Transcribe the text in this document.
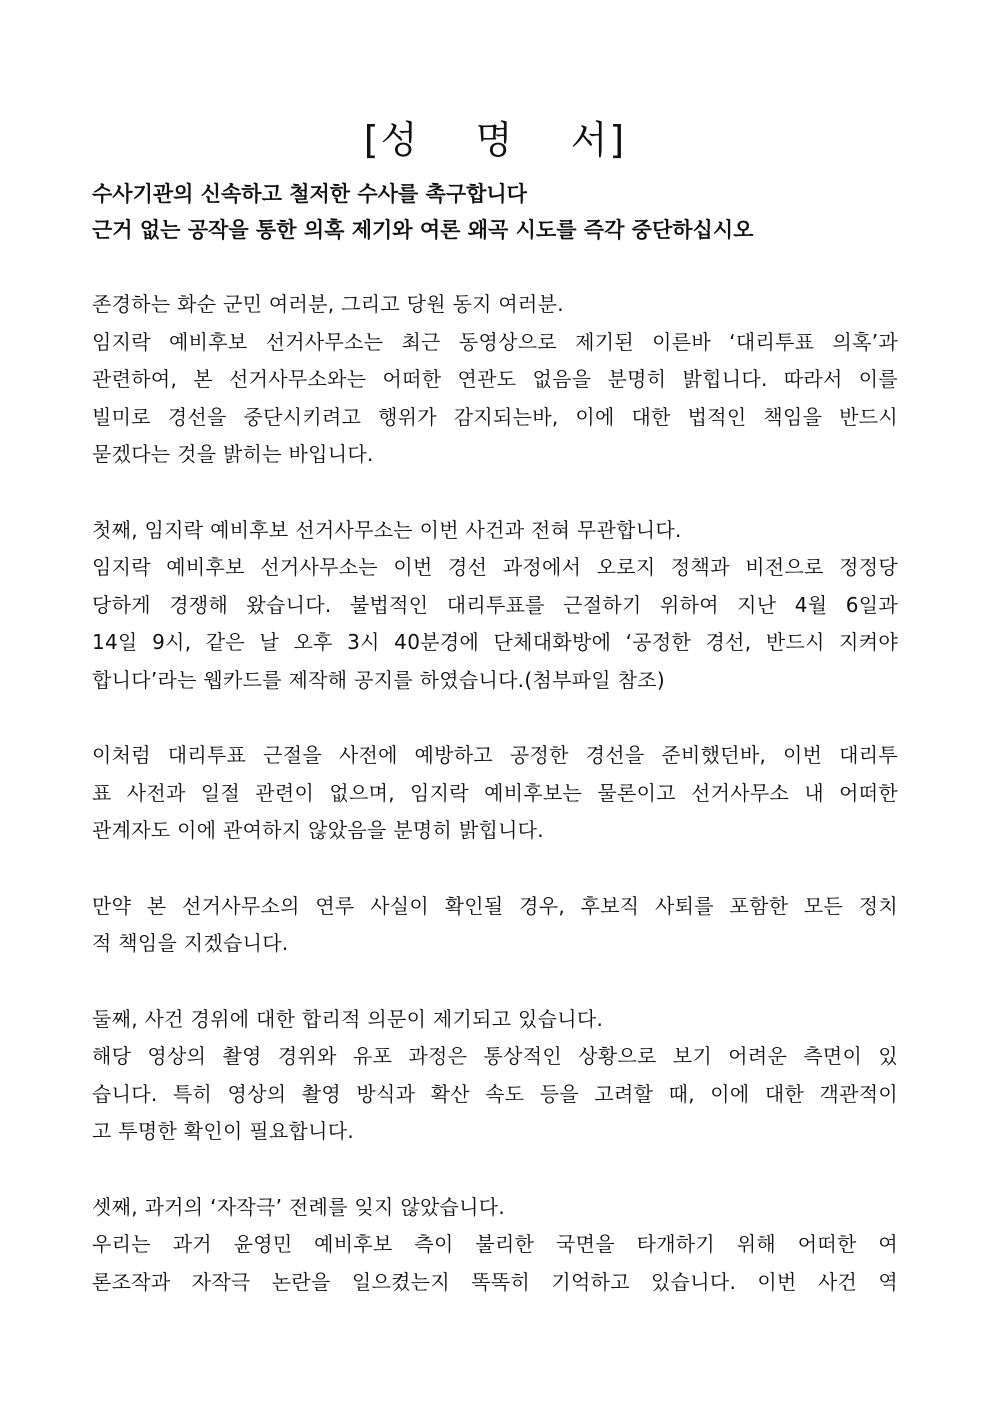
[성    명    서]

수사기관의 신속하고 철저한 수사를 촉구합니다

근거 없는 공작을 통한 의혹 제기와 여론 왜곡 시도를 즉각 중단하십시오

존경하는 화순 군민 여러분, 그리고 당원 동지 여러분.
임지락 예비후보 선거사무소는 최근 동영상으로 제기된 이른바 ‘대리투표 의혹’과
관련하여, 본 선거사무소와는 어떠한 연관도 없음을 분명히 밝힙니다. 따라서 이를
빌미로 경선을 중단시키려고 행위가 감지되는바, 이에 대한 법적인 책임을 반드시
묻겠다는 것을 밝히는 바입니다.
첫째, 임지락 예비후보 선거사무소는 이번 사건과 전혀 무관합니다.
임지락 예비후보 선거사무소는 이번 경선 과정에서 오로지 정책과 비전으로 정정당
당하게 경쟁해 왔습니다. 불법적인 대리투표를 근절하기 위하여 지난 4월 6일과
14일 9시, 같은 날 오후 3시 40분경에 단체대화방에 ‘공정한 경선, 반드시 지켜야
합니다’라는 웹카드를 제작해 공지를 하였습니다.(첨부파일 참조)
이처럼 대리투표 근절을 사전에 예방하고 공정한 경선을 준비했던바, 이번 대리투
표 사전과 일절 관련이 없으며, 임지락 예비후보는 물론이고 선거사무소 내 어떠한
관계자도 이에 관여하지 않았음을 분명히 밝힙니다.
만약 본 선거사무소의 연루 사실이 확인될 경우, 후보직 사퇴를 포함한 모든 정치
적 책임을 지겠습니다.
둘째, 사건 경위에 대한 합리적 의문이 제기되고 있습니다.
해당 영상의 촬영 경위와 유포 과정은 통상적인 상황으로 보기 어려운 측면이 있
습니다. 특히 영상의 촬영 방식과 확산 속도 등을 고려할 때, 이에 대한 객관적이
고 투명한 확인이 필요합니다.
셋째, 과거의 ‘자작극’ 전례를 잊지 않았습니다.
우리는 과거 윤영민 예비후보 측이 불리한 국면을 타개하기 위해 어떠한 여
론조작과 자작극 논란을 일으켰는지 똑똑히 기억하고 있습니다. 이번 사건 역
